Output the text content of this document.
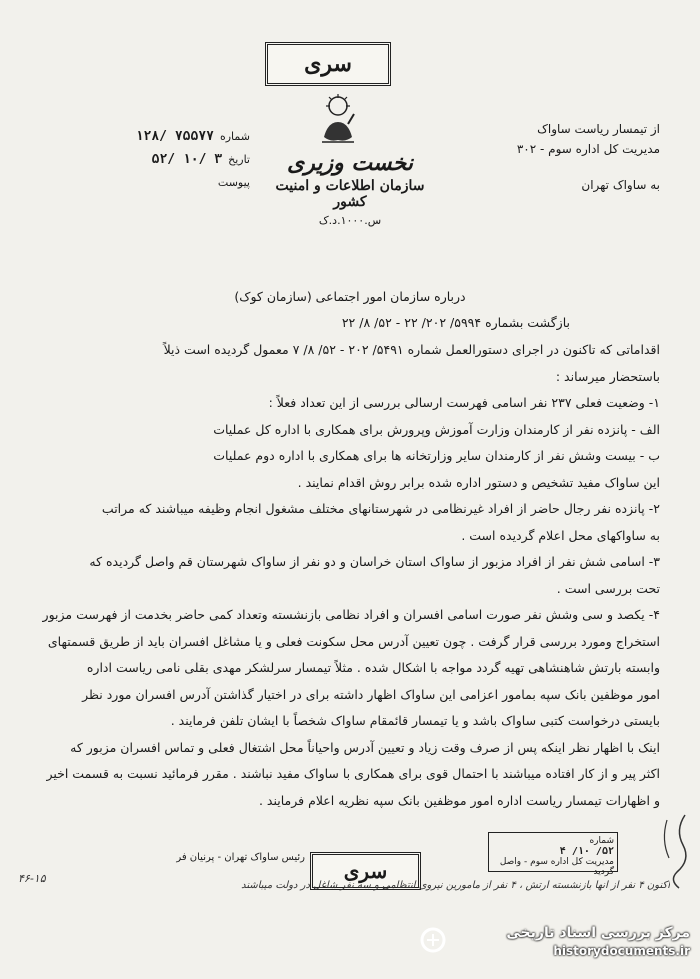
سری
نخست وزیری
سازمان اطلاعات و امنیت کشور
س.۱۰۰۰.د.ک
شماره
۱۲۸/ ۷۵۵۷۷
تاریخ
۵۲/ ۱۰/ ۳
پیوست
از تیمسار ریاست ساواک
مدیریت کل اداره سوم - ۳۰۲
به ساواک تهران

درباره سازمان امور اجتماعی (سازمان کوک)

بازگشت بشماره ۵۹۹۴/ ۲۰۲/ ۲۲ - ۵۲/ ۸/ ۲۲

اقداماتی که تاکنون در اجرای دستورالعمل شماره ۵۴۹۱/ ۲۰۲ - ۵۲/ ۸/ ۷ معمول گردیده است ذیلاً

باستحضار میرساند :

۱- وضعیت فعلی ۲۳۷ نفر اسامی فهرست ارسالی بررسی از این تعداد فعلاً :

الف - پانزده نفر از کارمندان وزارت آموزش وپرورش برای همکاری با اداره کل عملیات

ب - بیست وشش نفر از کارمندان سایر وزارتخانه ها برای همکاری با اداره دوم عملیات

این ساواک مفید تشخیص و دستور اداره شده برابر روش اقدام نمایند .

۲- پانزده نفر رجال حاضر از افراد غیرنظامی در شهرستانهای مختلف مشغول انجام وظیفه میباشند که مراتب

به ساواکهای محل اعلام گردیده است .

۳- اسامی شش نفر از افراد مزبور از ساواک استان خراسان و دو نفر از ساواک شهرستان قم واصل گردیده که

تحت بررسی است .

۴- یکصد و سی وشش نفر صورت اسامی افسران و افراد نظامی بازنشسته وتعداد کمی حاضر بخدمت از فهرست مزبور

استخراج ومورد بررسی قرار گرفت . چون تعیین آدرس محل سکونت فعلی و یا مشاغل افسران باید از طریق قسمتهای

وابسته بارتش شاهنشاهی تهیه گردد مواجه با اشکال شده . مثلاً تیمسار سرلشکر مهدی بقلی نامی ریاست اداره

امور موظفین بانک سپه بمامور اعزامی این ساواک اظهار داشته برای در اختیار گذاشتن آدرس افسران مورد نظر

بایستی درخواست کتبی ساواک باشد و یا تیمسار قائمقام ساواک شخصاً با ایشان تلفن فرمایند .

اینک با اظهار نظر اینکه پس از صرف وقت زیاد و تعیین آدرس واحیاناً محل اشتغال فعلی و تماس افسران مزبور که

اکثر پیر و از کار افتاده میباشند با احتمال قوی برای همکاری با ساواک مفید نباشند . مقرر فرمائید نسبت به قسمت اخیر

و اظهارات تیمسار ریاست اداره امور موظفین بانک سپه نظریه اعلام فرمایند .

رئیس ساواک تهران - پرنیان فر
سری
شماره
۵۲/ ۱۰/ ۴
مدیریت کل اداره سوم - واصل گردید
اکنون ۴ نفر از آنها بازنشسته ارتش ، ۴ نفر از مأمورین نیروی انتظامی و سه نفر شاغل در دولت میباشند
۴۶-۱۵
مرکز بررسی اسناد تاریخی
historydocuments.ir
